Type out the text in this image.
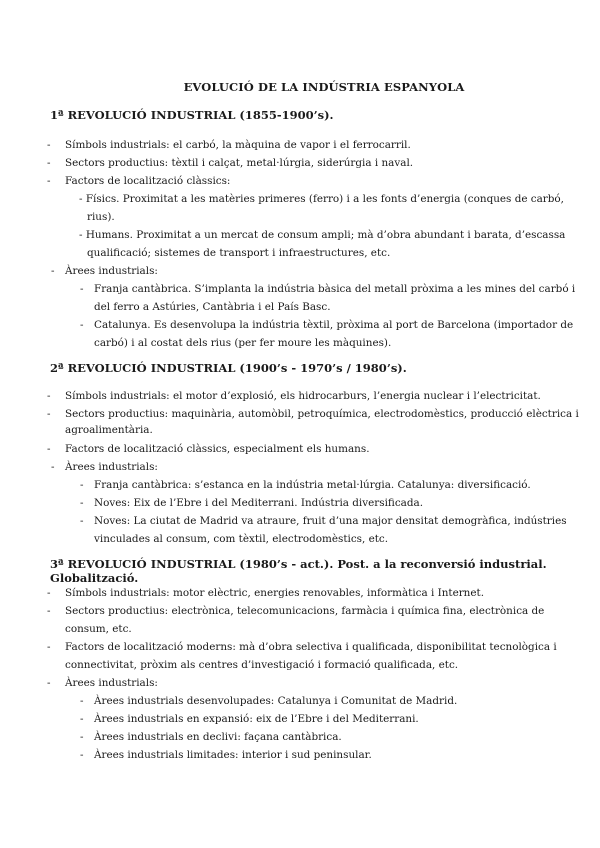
EVOLUCIÓ DE LA INDÚSTRIA ESPANYOLA
1ª REVOLUCIÓ INDUSTRIAL (1855-1900’s).
- Símbols industrials: el carbó, la màquina de vapor i el ferrocarril.
- Sectors productius: tèxtil i calçat, metal·lúrgia, siderúrgia i naval.
- Factors de localització clàssics:
- Físics. Proximitat a les matèries primeres (ferro) i a les fonts d’energia (conques de carbó,
rius).
- Humans. Proximitat a un mercat de consum ampli; mà d’obra abundant i barata, d’escassa
qualificació; sistemes de transport i infraestructures, etc.
- Àrees industrials:
- Franja cantàbrica. S’implanta la indústria bàsica del metall pròxima a les mines del carbó i
del ferro a Astúries, Cantàbria i el País Basc.
- Catalunya. Es desenvolupa la indústria tèxtil, pròxima al port de Barcelona (importador de
carbó) i al costat dels rius (per fer moure les màquines).
2ª REVOLUCIÓ INDUSTRIAL (1900’s - 1970’s / 1980’s).
- Símbols industrials: el motor d’explosió, els hidrocarburs, l’energia nuclear i l’electricitat.
- Sectors productius: maquinària, automòbil, petroquímica, electrodomèstics, producció elèctrica i
agroalimentària.
- Factors de localització clàssics, especialment els humans.
- Àrees industrials:
- Franja cantàbrica: s’estanca en la indústria metal·lúrgia. Catalunya: diversificació.
- Noves: Eix de l’Ebre i del Mediterrani. Indústria diversificada.
- Noves: La ciutat de Madrid va atraure, fruit d’una major densitat demogràfica, indústries
vinculades al consum, com tèxtil, electrodomèstics, etc.
3ª REVOLUCIÓ INDUSTRIAL (1980’s - act.). Post. a la reconversió industrial. Globalització.
- Símbols industrials: motor elèctric, energies renovables, informàtica i Internet.
- Sectors productius: electrònica, telecomunicacions, farmàcia i química fina, electrònica de
consum, etc.
- Factors de localització moderns: mà d’obra selectiva i qualificada, disponibilitat tecnològica i
connectivitat, pròxim als centres d’investigació i formació qualificada, etc.
- Àrees industrials:
- Àrees industrials desenvolupades: Catalunya i Comunitat de Madrid.
- Àrees industrials en expansió: eix de l’Ebre i del Mediterrani.
- Àrees industrials en declivi: façana cantàbrica.
- Àrees industrials limitades: interior i sud peninsular.
